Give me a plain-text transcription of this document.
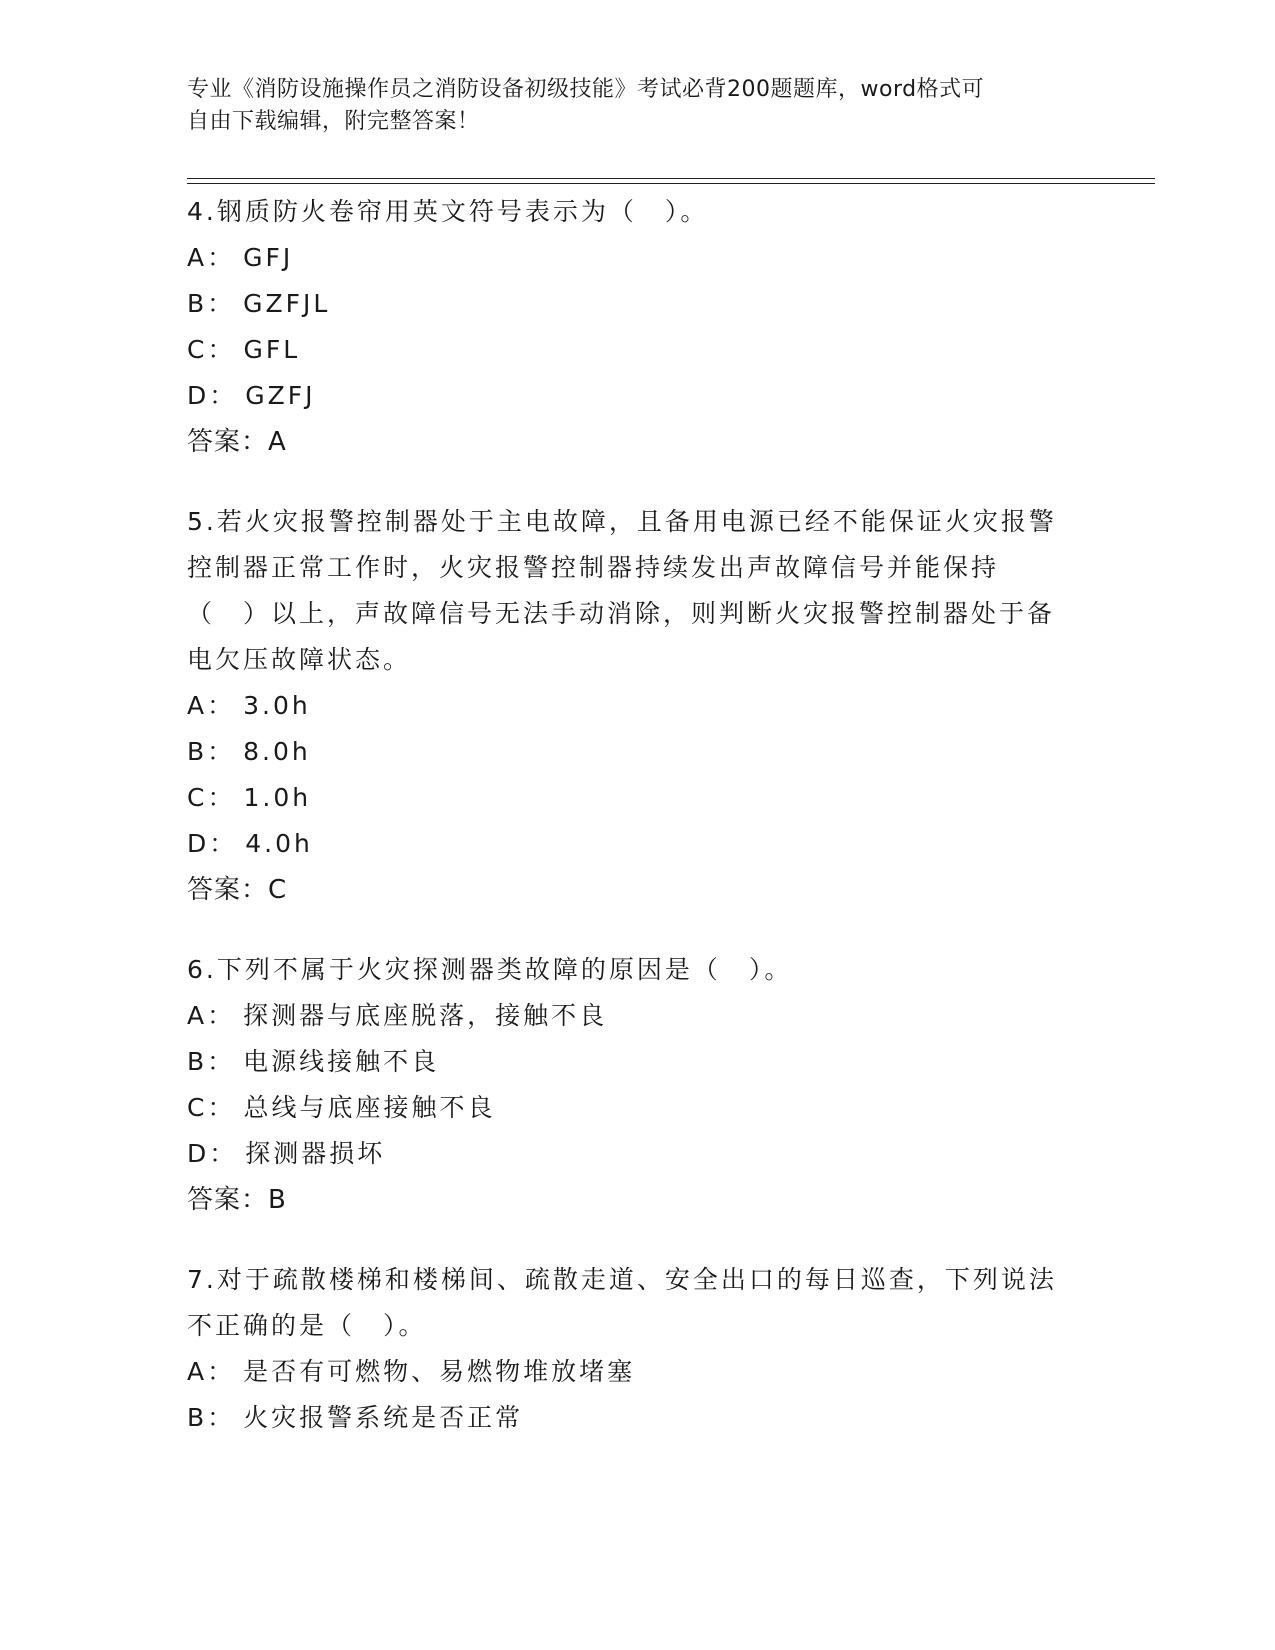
专业《消防设施操作员之消防设备初级技能》考试必背200题题库，word格式可
自由下载编辑，附完整答案！
4.钢质防火卷帘用英文符号表示为（　）。
A： GFJ
B： GZFJL
C： GFL
D： GZFJ
答案：A
5.若火灾报警控制器处于主电故障，且备用电源已经不能保证火灾报警控制器正常工作时，火灾报警控制器持续发出声故障信号并能保持（　）以上，声故障信号无法手动消除，则判断火灾报警控制器处于备电欠压故障状态。
A： 3.0h
B： 8.0h
C： 1.0h
D： 4.0h
答案：C
6.下列不属于火灾探测器类故障的原因是（　）。
A： 探测器与底座脱落，接触不良
B： 电源线接触不良
C： 总线与底座接触不良
D： 探测器损坏
答案：B
7.对于疏散楼梯和楼梯间、疏散走道、安全出口的每日巡查，下列说法不正确的是（　）。
A： 是否有可燃物、易燃物堆放堵塞
B： 火灾报警系统是否正常
